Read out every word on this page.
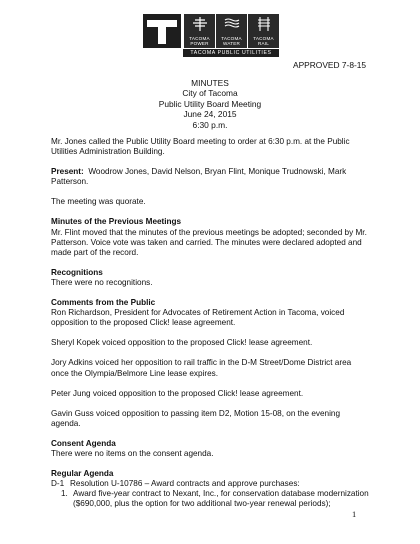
TACOMA
POWER
TACOMA
WATER
TACOMA
RAIL
TACOMA PUBLIC UTILITIES
APPROVED 7-8-15
MINUTES
City of Tacoma
Public Utility Board Meeting
June 24, 2015
6:30 p.m.

Mr. Jones called the Public Utility Board meeting to order at 6:30 p.m. at the Public Utilities Administration Building.

Present: Woodrow Jones, David Nelson, Bryan Flint, Monique Trudnowski, Mark Patterson.

The meeting was quorate.

Minutes of the Previous Meetings

Mr. Flint moved that the minutes of the previous meetings be adopted; seconded by Mr. Patterson. Voice vote was taken and carried. The minutes were declared adopted and made part of the record.

Recognitions

There were no recognitions.

Comments from the Public

Ron Richardson, President for Advocates of Retirement Action in Tacoma, voiced opposition to the proposed Click! lease agreement.

Sheryl Kopek voiced opposition to the proposed Click! lease agreement.

Jory Adkins voiced her opposition to rail traffic in the D-M Street/Dome District area once the Olympia/Belmore Line lease expires.

Peter Jung voiced opposition to the proposed Click! lease agreement.

Gavin Guss voiced opposition to passing item D2, Motion 15-08, on the evening agenda.

Consent Agenda

There were no items on the consent agenda.

Regular Agenda

D-1 Resolution U-10786 – Award contracts and approve purchases:
1. Award five-year contract to Nexant, Inc., for conservation database modernization ($690,000, plus the option for two additional two-year renewal periods);
1
